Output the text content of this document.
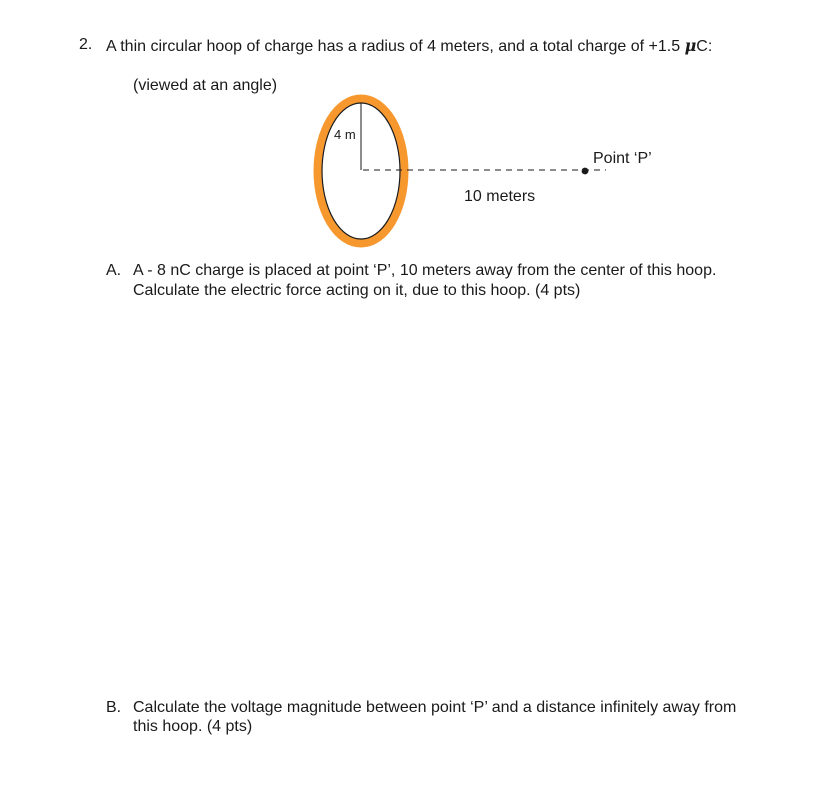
2. A thin circular hoop of charge has a radius of 4 meters, and a total charge of +1.5 μC:
(viewed at an angle)
4 m
Point ‘P’
10 meters
A. A - 8 nC charge is placed at point ‘P’, 10 meters away from the center of this hoop.
Calculate the electric force acting on it, due to this hoop. (4 pts)
B. Calculate the voltage magnitude between point ‘P’ and a distance infinitely away from
this hoop. (4 pts)
